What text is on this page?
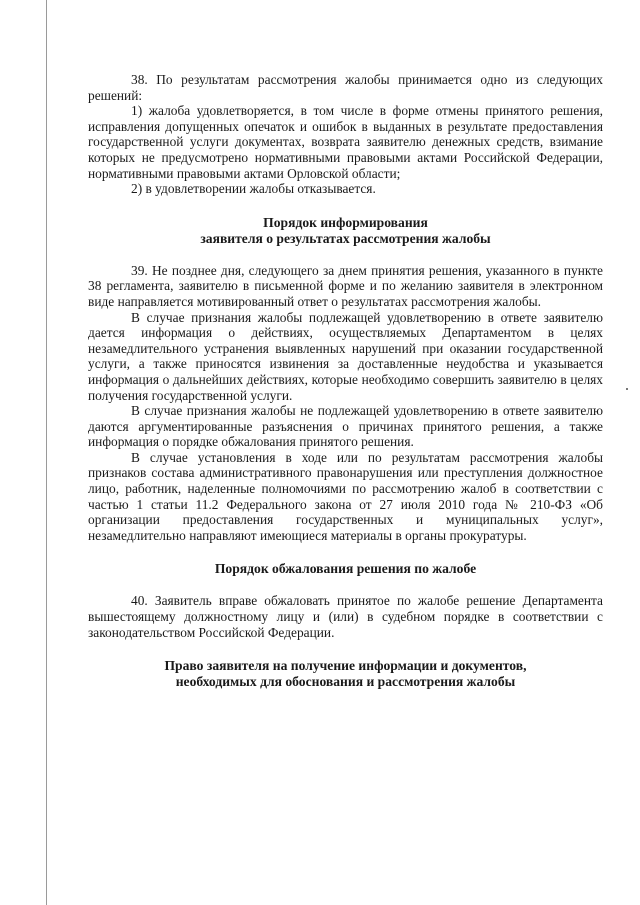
38. По результатам рассмотрения жалобы принимается одно из следующих решений:

1) жалоба удовлетворяется, в том числе в форме отмены принятого решения, исправления допущенных опечаток и ошибок в выданных в результате предоставления государственной услуги документах, возврата заявителю денежных средств, взимание которых не предусмотрено нормативными правовыми актами Российской Федерации, нормативными правовыми актами Орловской области;

2) в удовлетворении жалобы отказывается.

Порядок информирования

заявителя о результатах рассмотрения жалобы

39. Не позднее дня, следующего за днем принятия решения, указанного в пункте 38 регламента, заявителю в письменной форме и по желанию заявителя в электронном виде направляется мотивированный ответ о результатах рассмотрения жалобы.

В случае признания жалобы подлежащей удовлетворению в ответе заявителю дается информация о действиях, осуществляемых Департаментом в целях незамедлительного устранения выявленных нарушений при оказании государственной услуги, а также приносятся извинения за доставленные неудобства и указывается информация о дальнейших действиях, которые необходимо совершить заявителю в целях получения государственной услуги.

В случае признания жалобы не подлежащей удовлетворению в ответе заявителю даются аргументированные разъяснения о причинах принятого решения, а также информация о порядке обжалования принятого решения.

В случае установления в ходе или по результатам рассмотрения жалобы признаков состава административного правонарушения или преступления должностное лицо, работник, наделенные полномочиями по рассмотрению жалоб в соответствии с частью 1 статьи 11.2 Федерального закона от 27 июля 2010 года № 210-ФЗ «Об организации предоставления государственных и муниципальных услуг», незамедлительно направляют имеющиеся материалы в органы прокуратуры.

Порядок обжалования решения по жалобе

40. Заявитель вправе обжаловать принятое по жалобе решение Департамента вышестоящему должностному лицу и (или) в судебном порядке в соответствии с законодательством Российской Федерации.

Право заявителя на получение информации и документов,

необходимых для обоснования и рассмотрения жалобы
